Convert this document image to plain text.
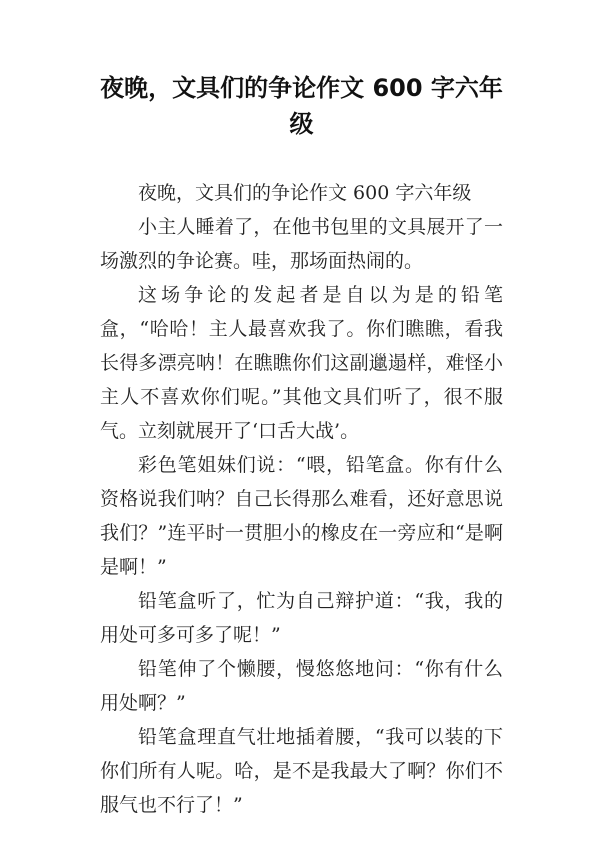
夜晚，文具们的争论作文 600 字六年级

夜晚，文具们的争论作文 600 字六年级

小主人睡着了，在他书包里的文具展开了一场激烈的争论赛。哇，那场面热闹的。

这场争论的发起者是自以为是的铅笔盒，“哈哈！主人最喜欢我了。你们瞧瞧，看我长得多漂亮呐！在瞧瞧你们这副邋遢样，难怪小主人不喜欢你们呢。”其他文具们听了，很不服气。立刻就展开了‘口舌大战’。

彩色笔姐妹们说：“喂，铅笔盒。你有什么资格说我们呐？自己长得那么难看，还好意思说我们？”连平时一贯胆小的橡皮在一旁应和“是啊是啊！”

铅笔盒听了，忙为自己辩护道：“我，我的用处可多可多了呢！”

铅笔伸了个懒腰，慢悠悠地问：“你有什么用处啊？”

铅笔盒理直气壮地插着腰，“我可以装的下你们所有人呢。哈，是不是我最大了啊？你们不服气也不行了！”
